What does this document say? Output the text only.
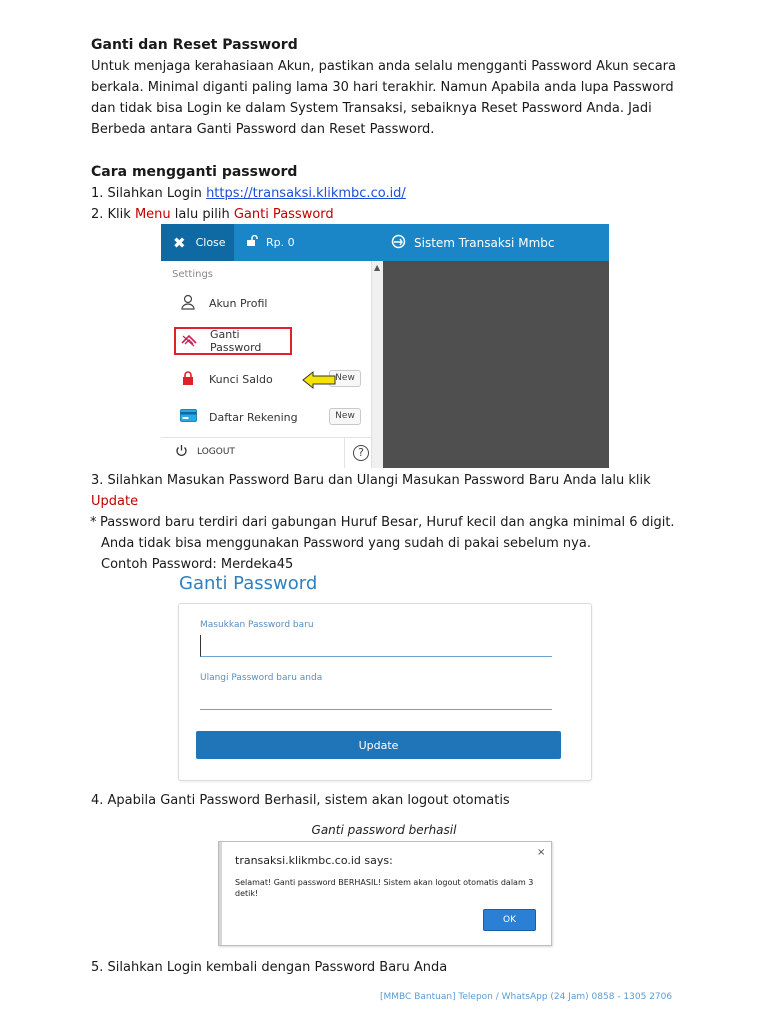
Ganti dan Reset Password
Untuk menjaga kerahasiaan Akun, pastikan anda selalu mengganti Password Akun secara
berkala. Minimal diganti paling lama 30 hari terakhir. Namun Apabila anda lupa Password
dan tidak bisa Login ke dalam System Transaksi, sebaiknya Reset Password Anda. Jadi
Berbeda antara Ganti Password dan Reset Password.
Cara mengganti password
1. Silahkan Login https://transaksi.klikmbc.co.id/
2. Klik Menu lalu pilih Ganti Password
3. Silahkan Masukan Password Baru dan Ulangi Masukan Password Baru Anda lalu klik
Update
* Password baru terdiri dari gabungan Huruf Besar, Huruf kecil dan angka minimal 6 digit.
Anda tidak bisa menggunakan Password yang sudah di pakai sebelum nya.
Contoh Password: Merdeka45
4. Apabila Ganti Password Berhasil, sistem akan logout otomatis
5. Silahkan Login kembali dengan Password Baru Anda
✖ Close	Rp. 0	Sistem Transaksi Mmbc
Settings
Akun Profil
Ganti Password
Kunci Saldo	New
Daftar Rekening	New
LOGOUT	?
▲
Ganti Password
Masukkan Password baru
Ulangi Password baru anda
Update
Ganti password berhasil
transaksi.klikmbc.co.id says:
×
Selamat! Ganti password BERHASIL! Sistem akan logout otomatis dalam 3 detik!
OK
[MMBC Bantuan] Telepon / WhatsApp (24 Jam) 0858 - 1305 2706
